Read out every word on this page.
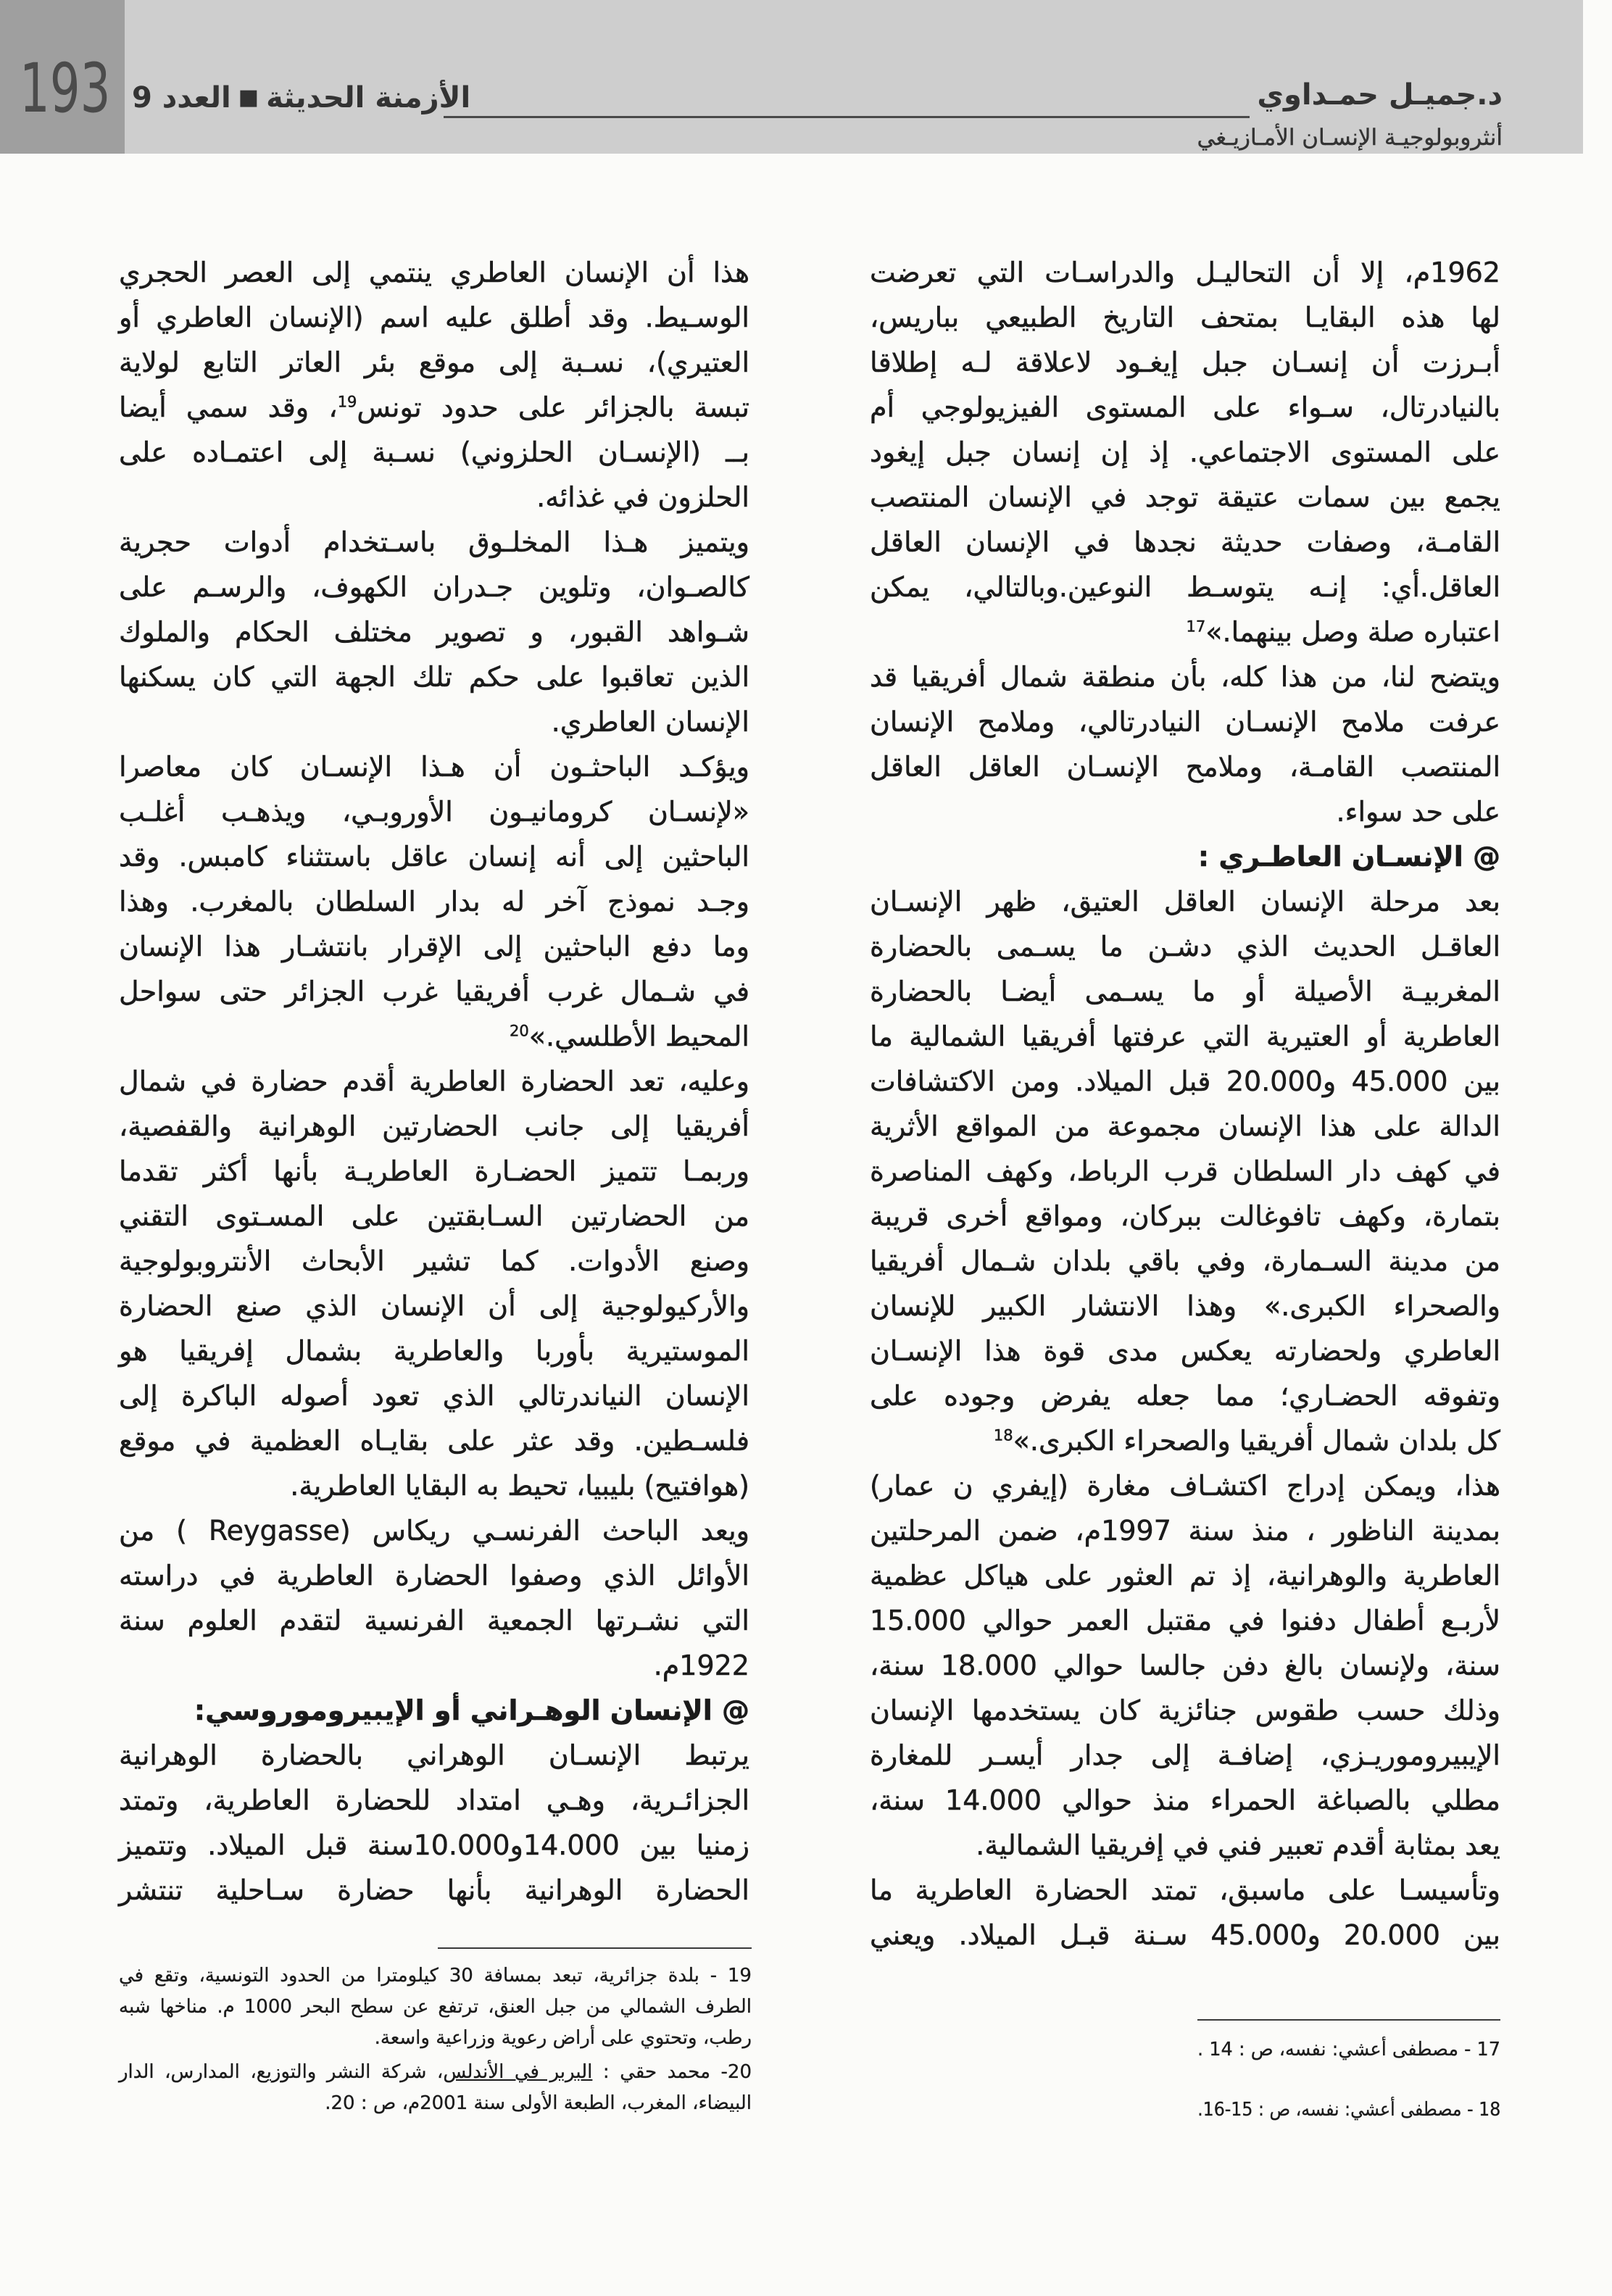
193	الأزمنة الحديثة■العدد 9	د.جميـل حمـداوي
أنثروبولوجيـة الإنسـان الأمـازيـغي
1962م، إلا أن التحاليـل والدراسـات التي تعرضت
لها هذه البقايـا بمتحف التاريخ الطبيعي بباريس،
أبـرزت أن إنسـان جبل إيغـود لاعلاقة لـه إطلاقا
بالنيادرتال، سـواء على المستوى الفيزيولوجي أم
على المستوى الاجتماعي. إذ إن إنسان جبل إيغود
يجمع بين سمات عتيقة توجد في الإنسان المنتصب
القامـة، وصفات حديثة نجدها في الإنسان العاقل
العاقل.أي: إنـه يتوسـط النوعين.وبالتالي، يمكن
اعتباره صلة وصل بينهما.»$^{17}$
ويتضح لنا، من هذا كله، بأن منطقة شمال أفريقيا قد
عرفت ملامح الإنسـان النيادرتالي، وملامح الإنسان
المنتصب القامـة، وملامح الإنسـان العاقل العاقل
على حد سواء.
@ الإنسـان العاطـري :
بعد مرحلة الإنسان العاقل العتيق، ظهر الإنسـان
العاقـل الحديث الذي دشـن ما يسـمى بالحضارة
المغربيـة الأصيلة أو ما يسـمى أيضـا بالحضارة
العاطرية أو العتيرية التي عرفتها أفريقيا الشمالية ما
بين 45.000 و20.000 قبل الميلاد. ومن الاكتشافات
الدالة على هذا الإنسان مجموعة من المواقع الأثرية
في كهف دار السلطان قرب الرباط، وكهف المناصرة
بتمارة، وكهف تافوغالت ببركان، ومواقع أخرى قريبة
من مدينة السـمارة، وفي باقي بلدان شـمال أفريقيا
والصحراء الكبرى.» وهذا الانتشار الكبير للإنسان
العاطري ولحضارته يعكس مدى قوة هذا الإنسـان
وتفوقه الحضـاري؛ مما جعله يفرض وجوده على
كل بلدان شمال أفريقيا والصحراء الكبرى.»$^{18}$
هذا، ويمكن إدراج اكتشـاف مغارة (إيفري ن عمار)
بمدينة الناظور ، منذ سنة 1997م، ضمن المرحلتين
العاطرية والوهرانية، إذ تم العثور على هياكل عظمية
لأربـع أطفال دفنوا في مقتبل العمر حوالي 15.000
سنة، ولإنسان بالغ دفن جالسا حوالي 18.000 سنة،
وذلك حسب طقوس جنائزية كان يستخدمها الإنسان
الإيبيروموريـزي، إضافـة إلى جدار أيسـر للمغارة
مطلي بالصباغة الحمراء منذ حوالي 14.000 سنة،
يعد بمثابة أقدم تعبير فني في إفريقيا الشمالية.
وتأسيسـا على ماسبق، تمتد الحضارة العاطرية ما
بين 20.000 و45.000 سـنة قبـل الميلاد. ويعني
هذا أن الإنسان العاطري ينتمي إلى العصر الحجري
الوسـيط. وقد أطلق عليه اسم (الإنسان العاطري أو
العتيري)، نسـبة إلى موقع بئر العاتر التابع لولاية
تبسة بالجزائر على حدود تونس$^{19}$، وقد سمي أيضا
بــ (الإنسـان الحلزوني) نسـبة إلى اعتمـاده على
الحلزون في غذائه.
ويتميز هـذا المخلـوق باسـتخدام أدوات حجرية
كالصـوان، وتلوين جـدران الكهوف، والرسـم على
شـواهد القبور، و تصوير مختلف الحكام والملوك
الذين تعاقبوا على حكم تلك الجهة التي كان يسكنها
الإنسان العاطري.
ويؤكـد الباحثـون أن هـذا الإنسـان كان معاصرا
«لإنسـان كرومانيـون الأوروبـي، ويذهـب أغلـب
الباحثين إلى أنه إنسان عاقل باستثناء كامبس. وقد
وجـد نموذج آخر له بدار السلطان بالمغرب. وهذا
وما دفع الباحثين إلى الإقرار بانتشـار هذا الإنسان
في شـمال غرب أفريقيا غرب الجزائر حتى سواحل
المحيط الأطلسي.»$^{20}$
وعليه، تعد الحضارة العاطرية أقدم حضارة في شمال
أفريقيا إلى جانب الحضارتين الوهرانية والقفصية،
وربمـا تتميز الحضـارة العاطريـة بأنها أكثر تقدما
من الحضارتين السـابقتين على المسـتوى التقني
وصنع الأدوات. كما تشير الأبحاث الأنتروبولوجية
والأركيولوجية إلى أن الإنسان الذي صنع الحضارة
الموستيرية بأوربا والعاطرية بشمال إفريقيا هو
الإنسان النياندرتالي الذي تعود أصوله الباكرة إلى
فلسـطين. وقد عثر على بقايـاه العظمية في موقع
(هوافتيح) بليبيا، تحيط به البقايا العاطرية.
ويعد الباحث الفرنسـي ريكاس (Reygasse ) من
الأوائل الذي وصفوا الحضارة العاطرية في دراسته
التي نشـرتها الجمعية الفرنسية لتقدم العلوم سنة
1922م.
@ الإنسان الوهـراني أو الإيبيروموروسي:
يرتبط الإنسـان الوهراني بالحضارة الوهرانية
الجزائـرية، وهـي امتداد للحضارة العاطرية، وتمتد
زمنيا بين 14.000و10.000سنة قبل الميلاد. وتتميز
الحضارة الوهرانية بأنها حضارة سـاحلية تنتشر
19 - بلدة جزائرية، تبعد بمسافة 30 كيلومترا من الحدود التونسية، وتقع في
الطرف الشمالي من جبل العنق، ترتفع عن سطح البحر 1000 م. مناخها شبه
رطب، وتحتوي على أراض رعوية وزراعية واسعة.
20- محمد حقي : البربر في الأندلس، شركة النشر والتوزيع، المدارس، الدار
البيضاء، المغرب، الطبعة الأولى سنة 2001م، ص : 20.
17 - مصطفى أعشي: نفسه، ص : 14 .
18 - مصطفى أعشي: نفسه، ص : 15-16.
